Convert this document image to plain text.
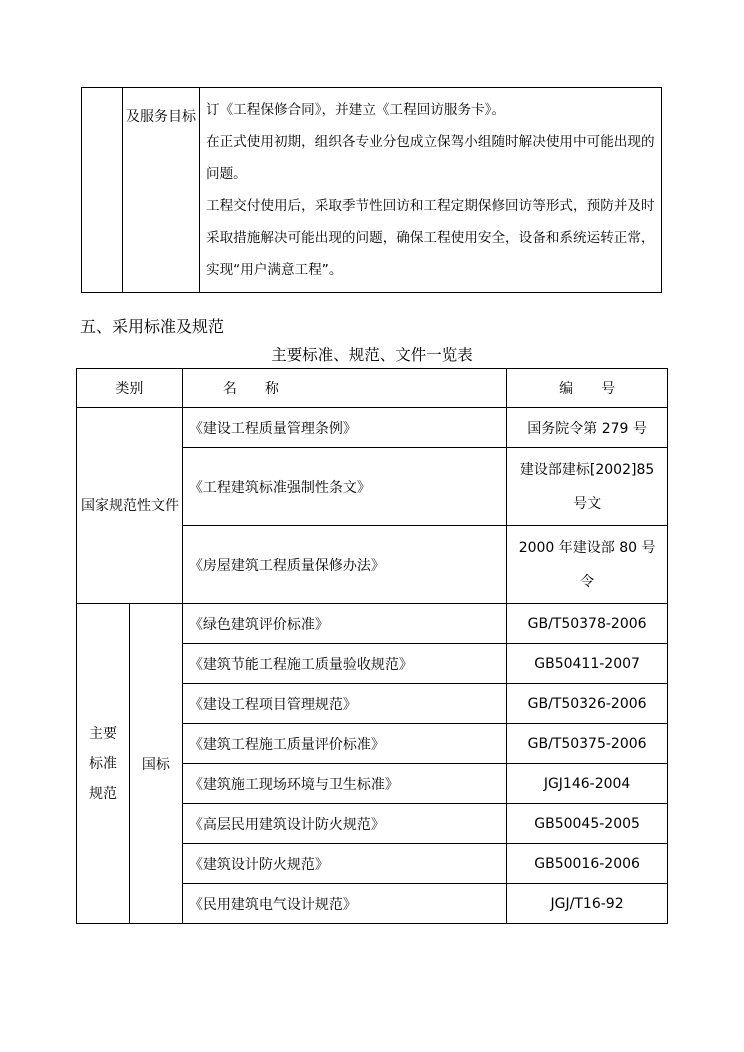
及服务目标	订《工程保修合同》，并建立《工程回访服务卡》。
在正式使用初期，组织各专业分包成立保驾小组随时解决使用中可能出现的问题。
工程交付使用后，采取季节性回访和工程定期保修回访等形式，预防并及时采取措施解决可能出现的问题，确保工程使用安全，设备和系统运转正常，实现“用户满意工程”。
五、采用标准及规范
主要标准、规范、文件一览表
类别		名　　称	编　　号
国家规范性文件		《建设工程质量管理条例》	国务院令第 279 号
		《工程建筑标准强制性条文》	建设部建标[2002]85号文
		《房屋建筑工程质量保修办法》	2000 年建设部 80 号令

主要标准规范	国标	《绿色建筑评价标准》	GB/T50378-2006
		《建筑节能工程施工质量验收规范》	GB50411-2007
		《建设工程项目管理规范》	GB/T50326-2006
		《建筑工程施工质量评价标准》	GB/T50375-2006
		《建筑施工现场环境与卫生标准》	JGJ146-2004
		《高层民用建筑设计防火规范》	GB50045-2005
		《建筑设计防火规范》	GB50016-2006
		《民用建筑电气设计规范》	JGJ/T16-92
